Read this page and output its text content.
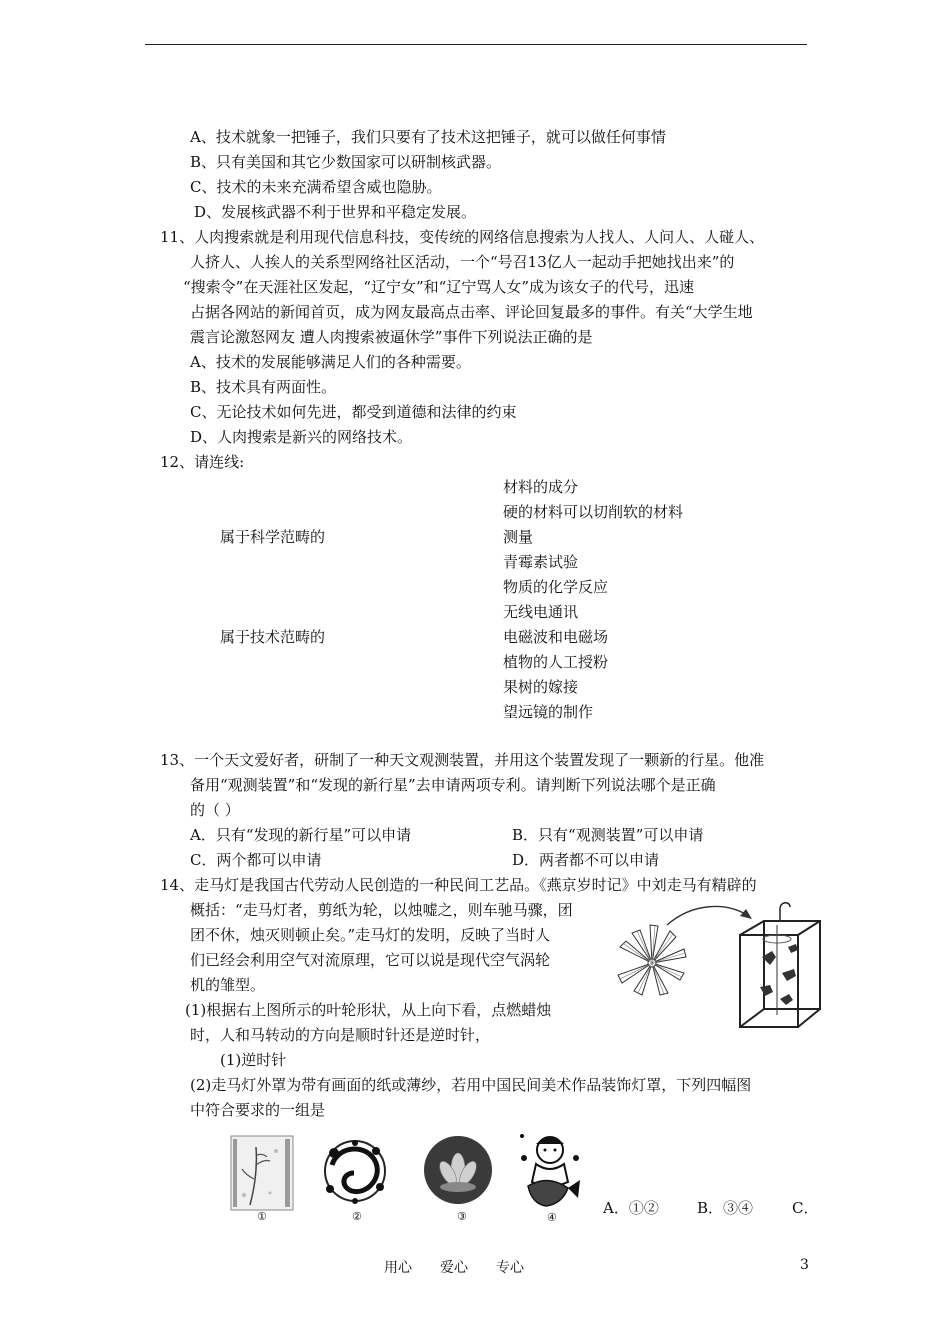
A、技术就象一把锤子，我们只要有了技术这把锤子，就可以做任何事情
B、只有美国和其它少数国家可以研制核武器。
C、技术的未来充满希望含威也隐胁。
D、发展核武器不利于世界和平稳定发展。
11、人肉搜索就是利用现代信息科技，变传统的网络信息搜索为人找人、人问人、人碰人、
人挤人、人挨人的关系型网络社区活动，一个“号召13亿人一起动手把她找出来”的
“搜索令”在天涯社区发起，“辽宁女”和“辽宁骂人女”成为该女子的代号，迅速
占据各网站的新闻首页，成为网友最高点击率、评论回复最多的事件。有关“大学生地
震言论激怒网友 遭人肉搜索被逼休学”事件下列说法正确的是
A、技术的发展能够满足人们的各种需要。
B、技术具有两面性。
C、无论技术如何先进，都受到道德和法律的约束
D、人肉搜索是新兴的网络技术。
12、请连线:
属于科学范畴的
属于技术范畴的
材料的成分
硬的材料可以切削软的材料
测量
青霉素试验
物质的化学反应
无线电通讯
电磁波和电磁场
植物的人工授粉
果树的嫁接
望远镜的制作
13、一个天文爱好者，研制了一种天文观测装置，并用这个装置发现了一颗新的行星。他准
备用“观测装置”和“发现的新行星”去申请两项专利。请判断下列说法哪个是正确
的（ ）
A．只有“发现的新行星”可以申请	B．只有“观测装置”可以申请
C．两个都可以申请	D．两者都不可以申请
14、走马灯是我国古代劳动人民创造的一种民间工艺品。《燕京岁时记》中刘走马有精辟的
概括：“走马灯者，剪纸为轮，以烛嘘之，则车驰马骤，团
团不休，烛灭则顿止矣。”走马灯的发明，反映了当时人
们已经会利用空气对流原理，它可以说是现代空气涡轮
机的雏型。
(1)根据右上图所示的叶轮形状，从上向下看，点燃蜡烛
时，人和马转动的方向是顺时针还是逆时针，
(1)逆时针
(2)走马灯外罩为带有画面的纸或薄纱，若用中国民间美术作品装饰灯罩，下列四幅图
中符合要求的一组是
①	②	③	④
A．①②	B．③④	C．
用心　　爱心　　专心	3
